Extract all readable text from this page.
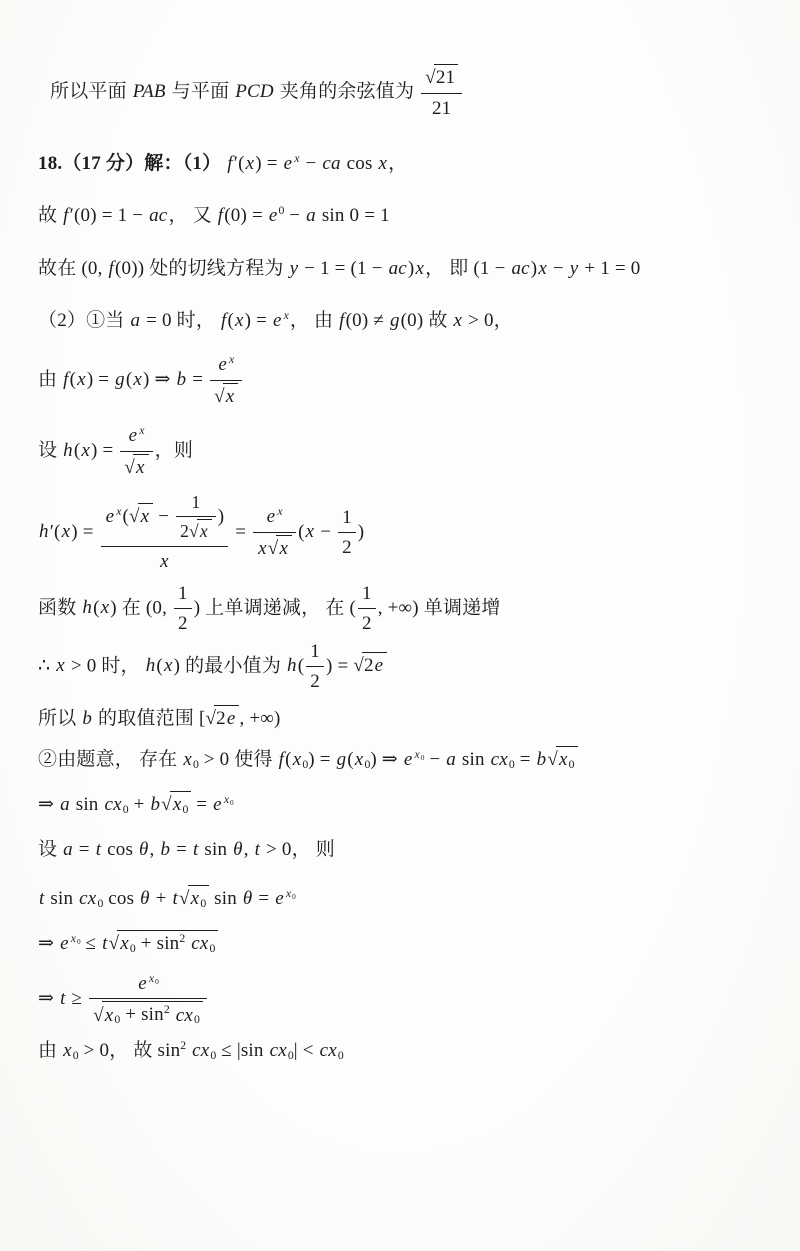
所以平面 PAB 与平面 PCD 夹角的余弦值为 $\frac{√21}{21}$
18.（17 分）解：（1） f′(x) = e $^x$ − ca cos x，
故 f′(0) = 1 − ac， 又 $f(0) = e^0 - a$ sin 0 = 1
故在 (0, f(0)) 处的切线方程为 y − 1 = (1 − ac)x， 即 (1 − ac)x − y + 1 = 0
（2）①当 a = 0 时， f(x) = e $^x$， 由 f(0) ≠ g(0) 故 x > 0，
由 f(x) = g(x) ⇒ $b = \frac{e ^x}{√x}$
设 $h(x) = \frac{e ^x}{√x}$ ，则
$h'(x) = \frac{e ^x(√x - \frac{1}{2√x} )}{x} = \frac{e ^x}{x√x} (x - \frac{1}{2}$ )
函数 h(x) 在 (0, $\frac{1}{2}$ ) 上单调递减， 在 ( $\frac{1}{2}$ , +∞) 单调递增
∴ x > 0 时， h(x) 的最小值为 $h( \frac{1}{2}$ ) = √2e
所以 b 的取值范围 [√2e , +∞)
②由题意， 存在 $x_0 > 0$ 使得 $f(x_0) = g(x_0)$ ⇒ e $^{x_0}$ − a $\sin cx_0 = b√x_0$
⇒ a $\sin cx_0 + b√x_0 = e$ $^{x_0}$
设 a = t cos θ, b = t sin θ, t > 0， 则
t $\sin cx_0$ $\cos \theta + t√x_0$ sin θ = e $^{x_0}$
⇒ e $^{x_0} \le t√x_0 + \sin^2 cx_0$
⇒ $t \ge \frac{e ^{x_0}}{√x_0 + \sin^2 cx_0}$
由 $x_0 > 0$， 故 $\sin^2 cx_0 \le |\sin$ $cx_0| < cx_0$
